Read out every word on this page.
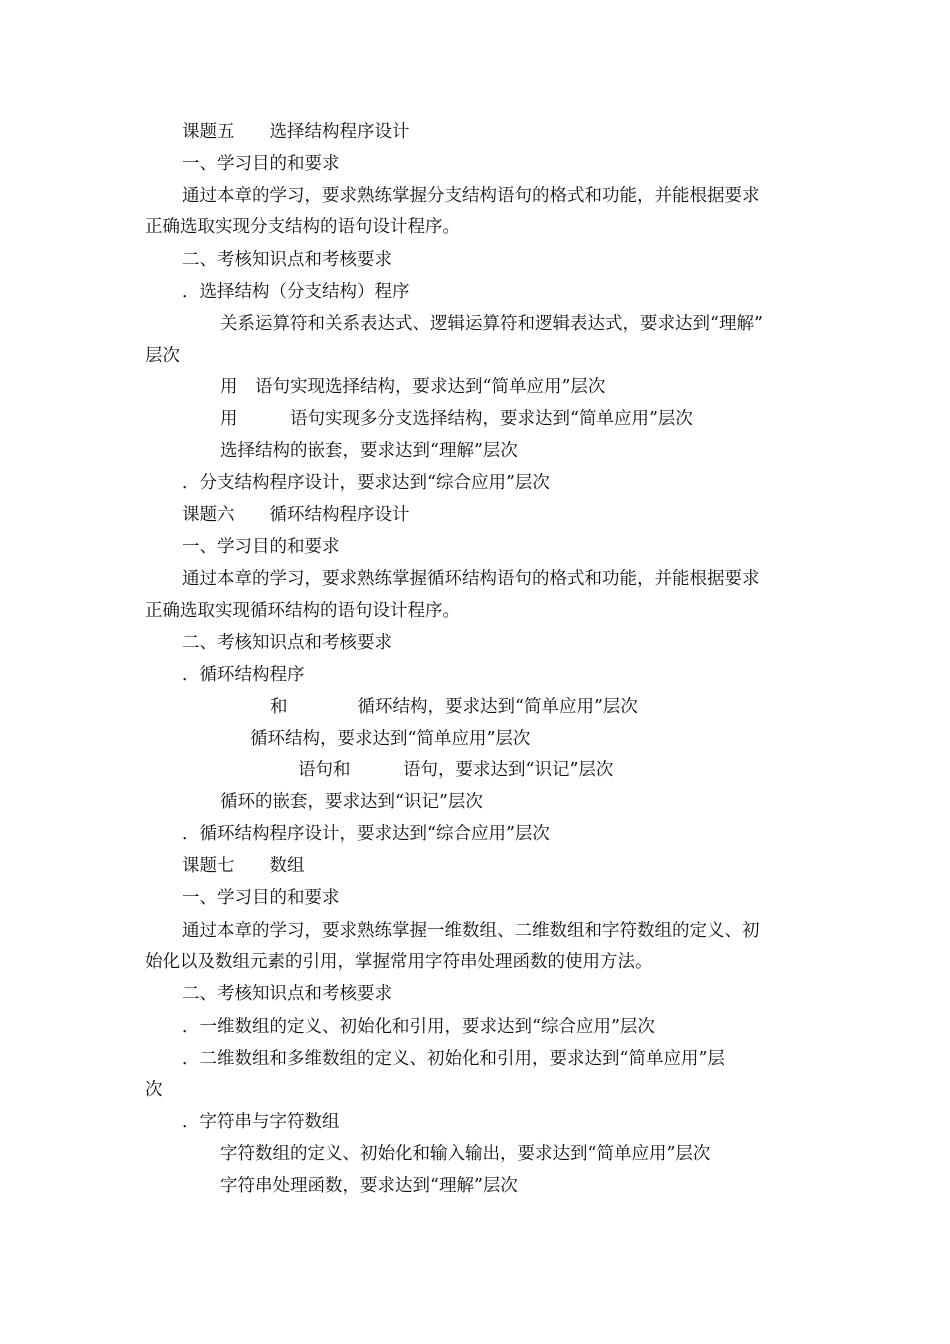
课题五　　选择结构程序设计
一、学习目的和要求
通过本章的学习，要求熟练掌握分支结构语句的格式和功能，并能根据要求
正确选取实现分支结构的语句设计程序。
二、考核知识点和考核要求
．选择结构（分支结构）程序
关系运算符和关系表达式、逻辑运算符和逻辑表达式，要求达到“理解”
层次
用　语句实现选择结构，要求达到“简单应用”层次
用　　　语句实现多分支选择结构，要求达到“简单应用”层次
选择结构的嵌套，要求达到“理解”层次
．分支结构程序设计，要求达到“综合应用”层次
课题六　　循环结构程序设计
一、学习目的和要求
通过本章的学习，要求熟练掌握循环结构语句的格式和功能，并能根据要求
正确选取实现循环结构的语句设计程序。
二、考核知识点和考核要求
．循环结构程序
和　　　　循环结构，要求达到“简单应用”层次
循环结构，要求达到“简单应用”层次
语句和　　　语句，要求达到“识记”层次
循环的嵌套，要求达到“识记”层次
．循环结构程序设计，要求达到“综合应用”层次
课题七　　数组
一、学习目的和要求
通过本章的学习，要求熟练掌握一维数组、二维数组和字符数组的定义、初
始化以及数组元素的引用，掌握常用字符串处理函数的使用方法。
二、考核知识点和考核要求
．一维数组的定义、初始化和引用，要求达到“综合应用”层次
．二维数组和多维数组的定义、初始化和引用，要求达到“简单应用”层
次
．字符串与字符数组
字符数组的定义、初始化和输入输出，要求达到“简单应用”层次
字符串处理函数，要求达到“理解”层次
